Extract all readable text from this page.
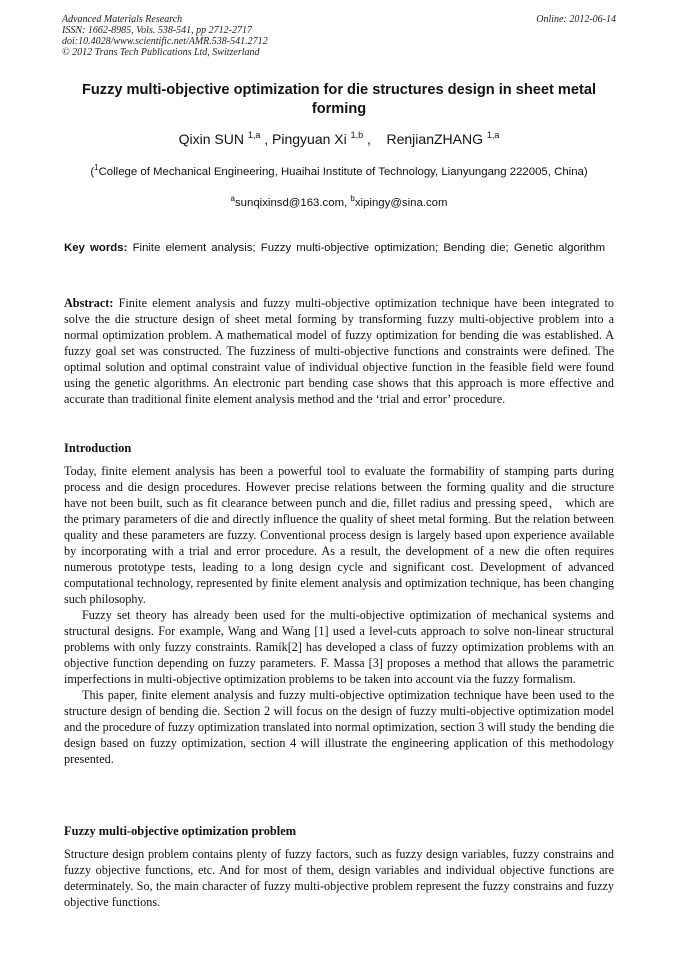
Advanced Materials Research
ISSN: 1662-8985, Vols. 538-541, pp 2712-2717
doi:10.4028/www.scientific.net/AMR.538-541.2712
© 2012 Trans Tech Publications Ltd, Switzerland
Online: 2012-06-14
Fuzzy multi-objective optimization for die structures design in sheet metal forming
Qixin SUN $^{1,a}$ , Pingyuan Xi $^{1,b}$ ,    RenjianZHANG $^{1,a}$
($^1$College of Mechanical Engineering, Huaihai Institute of Technology, Lianyungang 222005, China)
$^a$sunqixinsd@163.com, $^b$xipingy@sina.com
Key words: Finite element analysis; Fuzzy multi-objective optimization; Bending die; Genetic algorithm
Abstract: Finite element analysis and fuzzy multi-objective optimization technique have been integrated to solve the die structure design of sheet metal forming by transforming fuzzy multi-objective problem into a normal optimization problem. A mathematical model of fuzzy optimization for bending die was established. A fuzzy goal set was constructed. The fuzziness of multi-objective functions and constraints were defined. The optimal solution and optimal constraint value of individual objective function in the feasible field were found using the genetic algorithms. An electronic part bending case shows that this approach is more effective and accurate than traditional finite element analysis method and the ‘trial and error’ procedure.
Introduction

Today, finite element analysis has been a powerful tool to evaluate the formability of stamping parts during process and die design procedures. However precise relations between the forming quality and die structure have not been built, such as fit clearance between punch and die, fillet radius and pressing speed， which are the primary parameters of die and directly influence the quality of sheet metal forming. But the relation between quality and these parameters are fuzzy. Conventional process design is largely based upon experience available by incorporating with a trial and error procedure. As a result, the development of a new die often requires numerous prototype tests, leading to a long design cycle and significant cost. Development of advanced computational technology, represented by finite element analysis and optimization technique, has been changing such philosophy.

Fuzzy set theory has already been used for the multi-objective optimization of mechanical systems and structural designs. For example, Wang and Wang [1] used a level-cuts approach to solve non-linear structural problems with only fuzzy constraints. Ramík[2] has developed a class of fuzzy optimization problems with an objective function depending on fuzzy parameters. F. Massa [3] proposes a method that allows the parametric imperfections in multi-objective optimization problems to be taken into account via the fuzzy formalism.

This paper, finite element analysis and fuzzy multi-objective optimization technique have been used to the structure design of bending die. Section 2 will focus on the design of fuzzy multi-objective optimization model and the procedure of fuzzy optimization translated into normal optimization, section 3 will study the bending die design based on fuzzy optimization, section 4 will illustrate the engineering application of this methodology presented.

Fuzzy multi-objective optimization problem

Structure design problem contains plenty of fuzzy factors, such as fuzzy design variables, fuzzy constrains and fuzzy objective functions, etc. And for most of them, design variables and individual objective functions are determinately. So, the main character of fuzzy multi-objective problem represent the fuzzy constrains and fuzzy objective functions.
